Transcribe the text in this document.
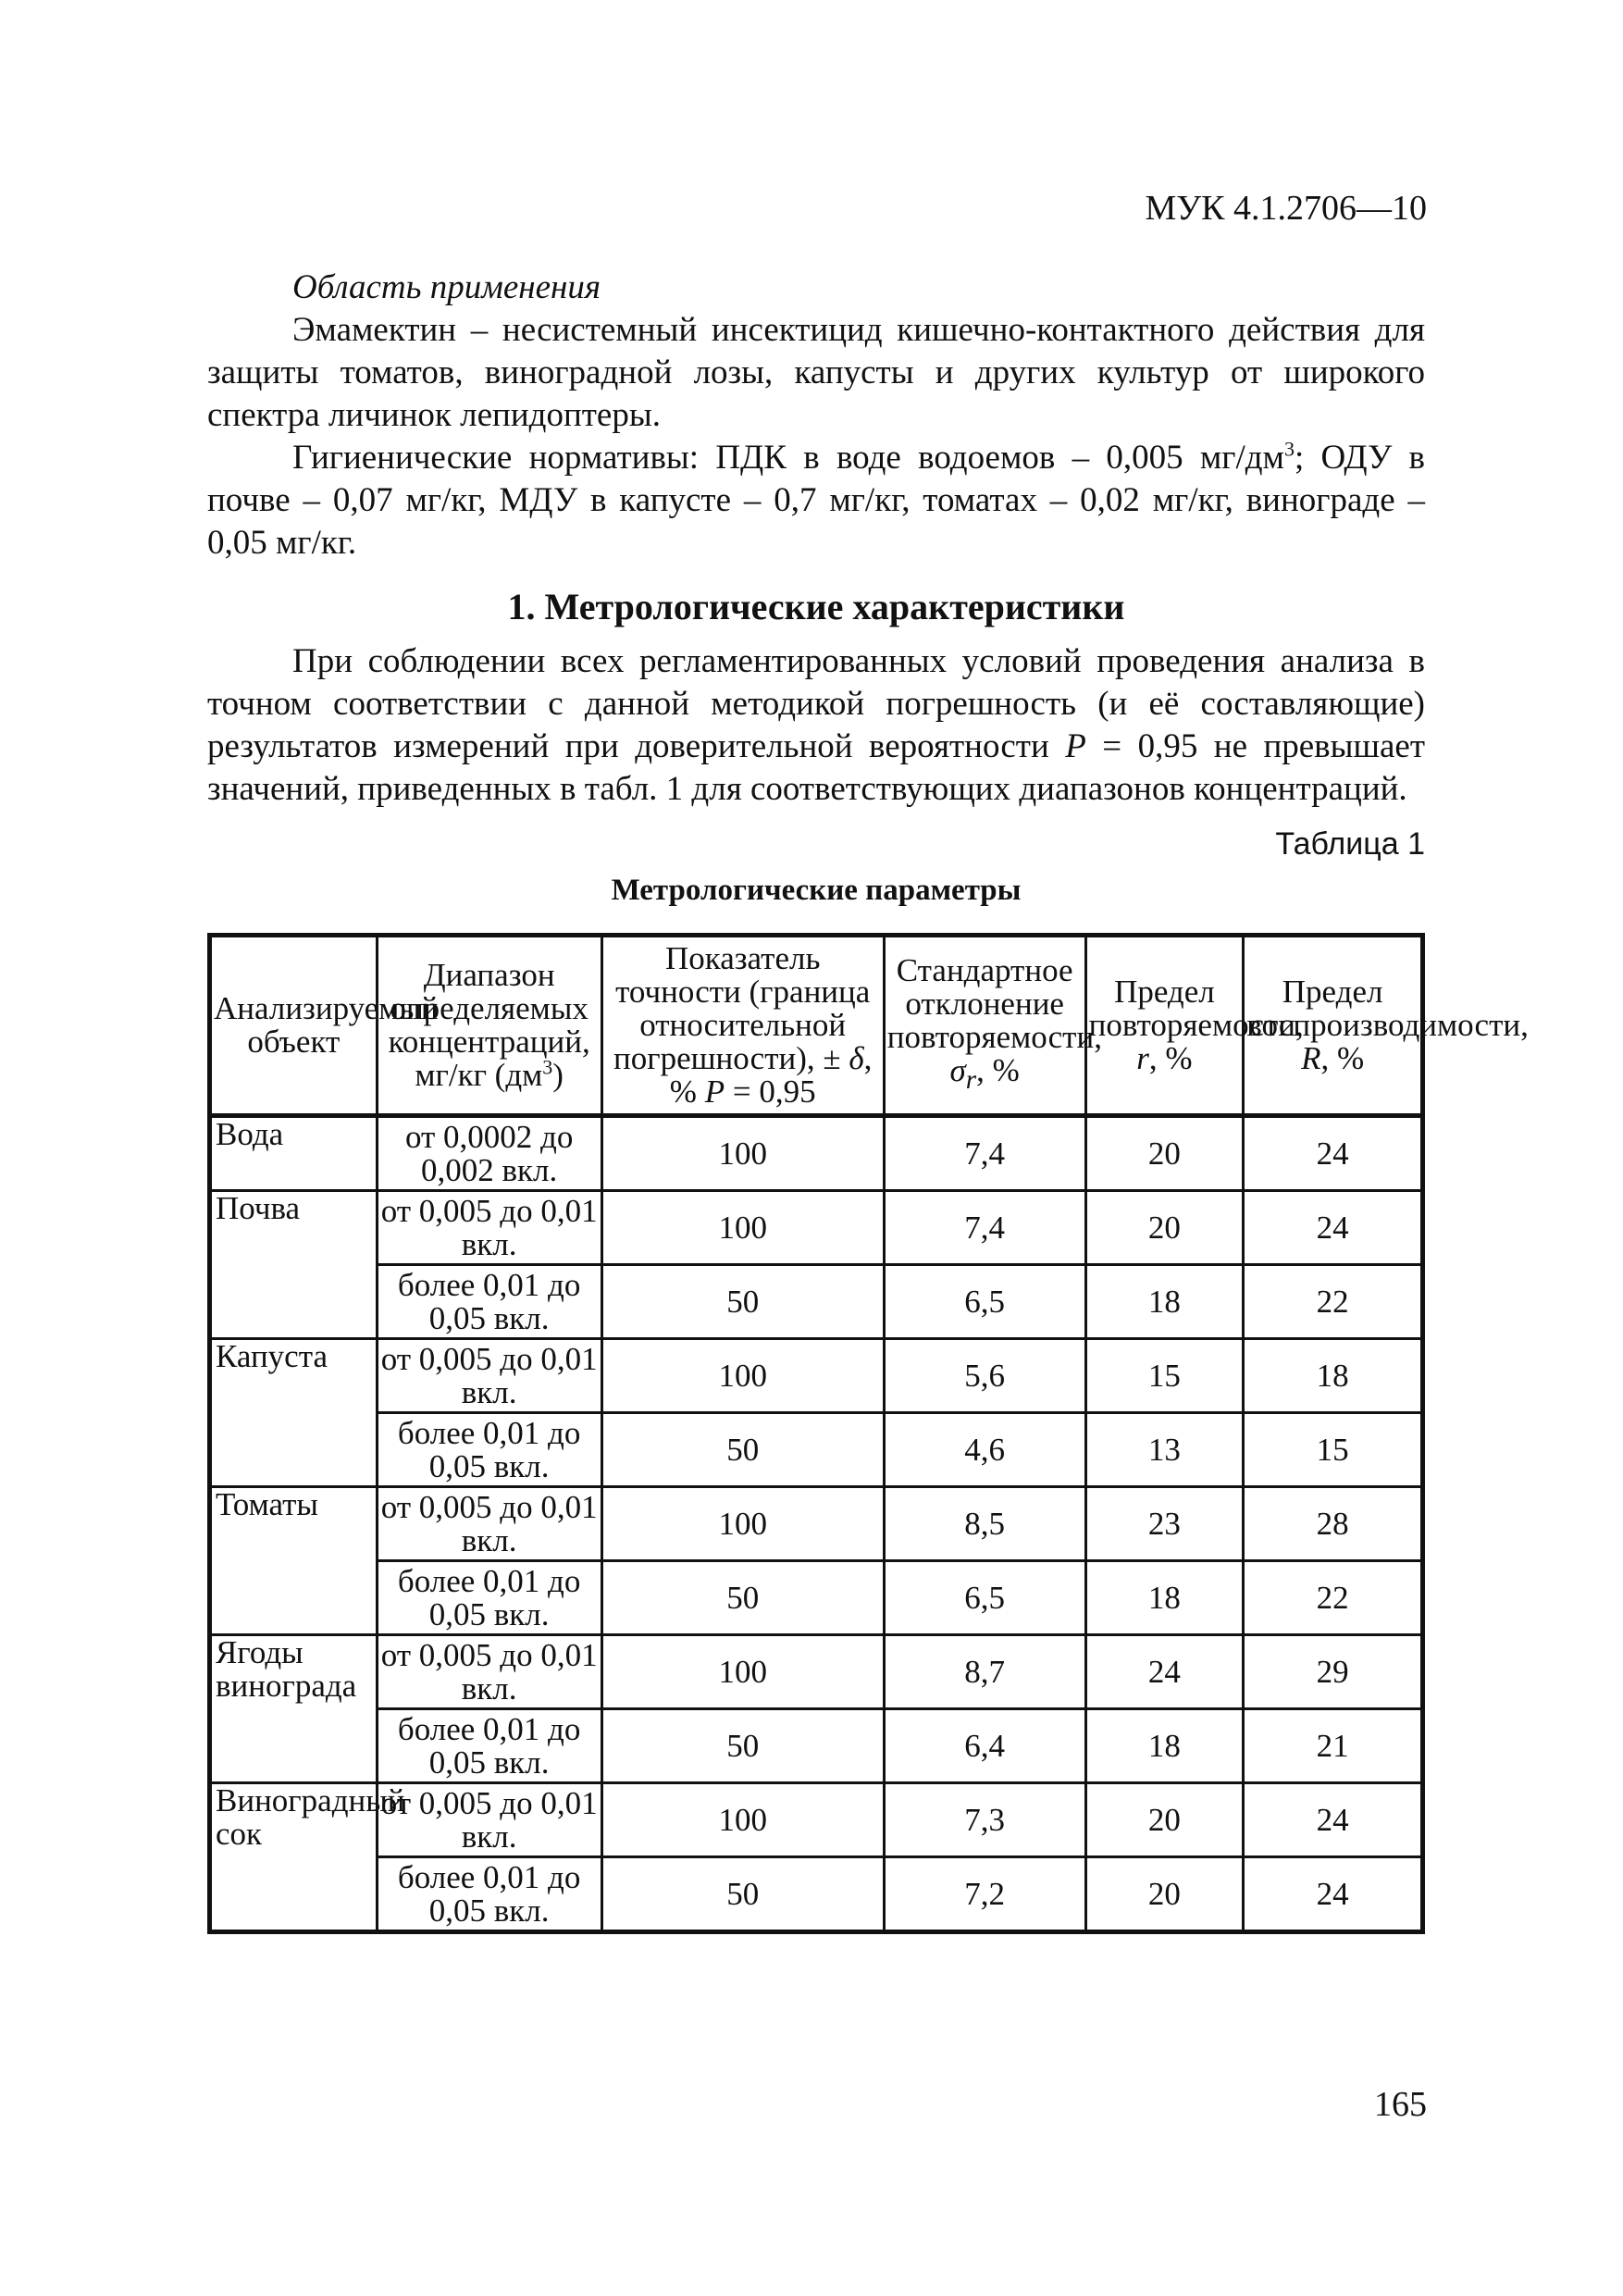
МУК 4.1.2706—10
Область применения

Эмамектин – несистемный инсектицид кишечно-контактного действия для защиты томатов, виноградной лозы, капусты и других культур от широкого спектра личинок лепидоптеры.

Гигиенические нормативы: ПДК в воде водоемов – 0,005 $мг/дм^3$; ОДУ в почве – 0,07 мг/кг, МДУ в капусте – 0,7 мг/кг, томатах – 0,02 мг/кг, винограде – 0,05 мг/кг.

1. Метрологические характеристики

При соблюдении всех регламентированных условий проведения анализа в точном соответствии с данной методикой погрешность (и её составляющие) результатов измерений при доверительной вероятности P = 0,95 не превышает значений, приведенных в табл. 1 для соответствующих диапазонов концентраций.

Таблица 1
Метрологические параметры
Анализируемый объект	Диапазон определяемых концентраций, мг/кг $(дм^3)$	Показатель точности (граница относительной погрешности), ± δ, % P = 0,95	Стандартное отклонение повторяемости, $\sigma_r$, %	Предел повторяемости, r, %	Предел воспроизводимости, R, %
Вода	от 0,0002 до 0,002 вкл.	100	7,4	20	24
Почва	от 0,005 до 0,01 вкл.	100	7,4	20	24
	более 0,01 до 0,05 вкл.	50	6,5	18	22
Капуста	от 0,005 до 0,01 вкл.	100	5,6	15	18
	более 0,01 до 0,05 вкл.	50	4,6	13	15
Томаты	от 0,005 до 0,01 вкл.	100	8,5	23	28
	более 0,01 до 0,05 вкл.	50	6,5	18	22
Ягоды винограда	от 0,005 до 0,01 вкл.	100	8,7	24	29
	более 0,01 до 0,05 вкл.	50	6,4	18	21
Виноградный сок	от 0,005 до 0,01 вкл.	100	7,3	20	24
	более 0,01 до 0,05 вкл.	50	7,2	20	24
165
